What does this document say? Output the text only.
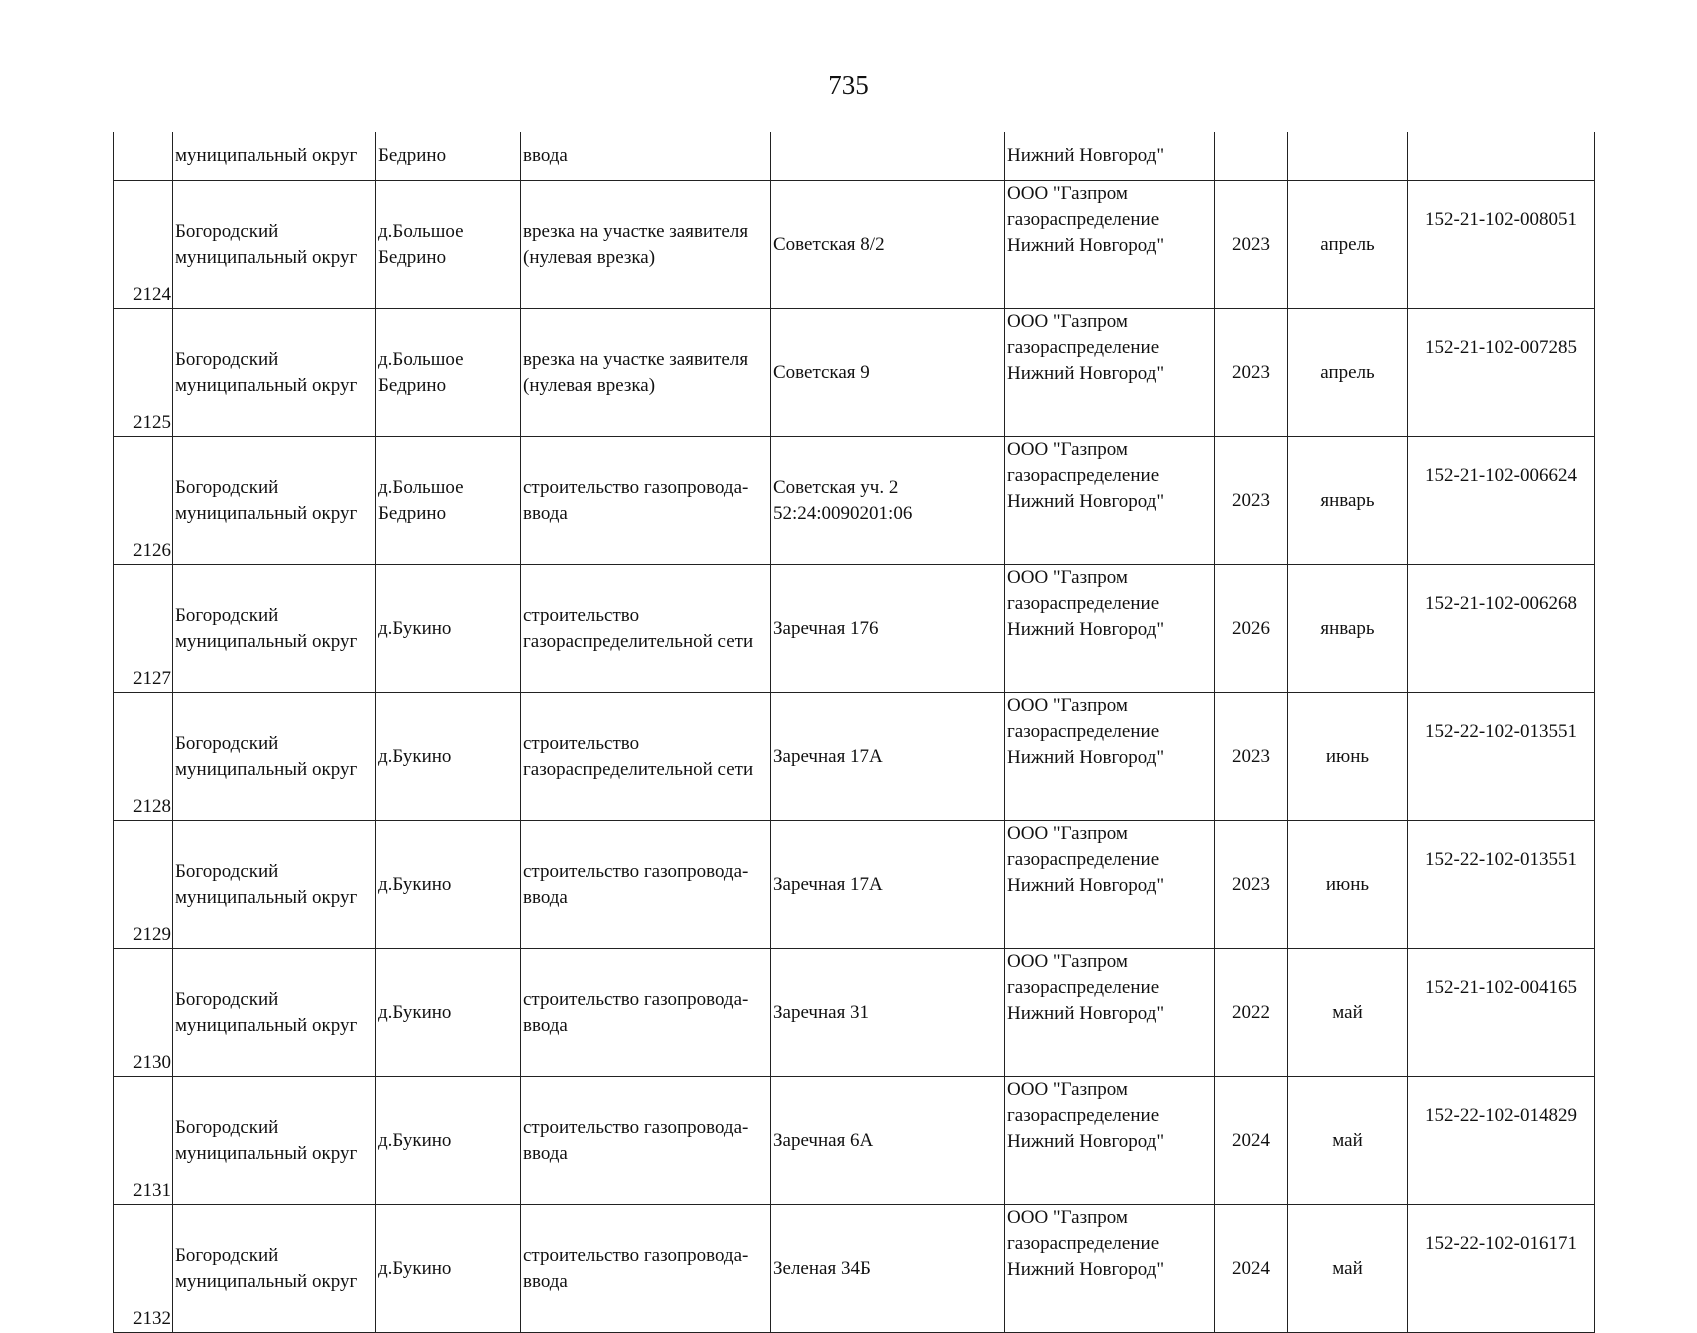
735

	муниципальный округ	Бедрино	ввода		Нижний Новгород"			

2124	Богородский
муниципальный округ	д.Большое
Бедрино	врезка на участке заявителя
(нулевая врезка)	Советская 8/2	ООО "Газпром
газораспределение
Нижний Новгород"	2023	апрель	152-21-102-008051
2125	Богородский
муниципальный округ	д.Большое
Бедрино	врезка на участке заявителя
(нулевая врезка)	Советская 9	ООО "Газпром
газораспределение
Нижний Новгород"	2023	апрель	152-21-102-007285
2126	Богородский
муниципальный округ	д.Большое
Бедрино	строительство газопровода-
ввода	Советская уч. 2
52:24:0090201:06	ООО "Газпром
газораспределение
Нижний Новгород"	2023	январь	152-21-102-006624
2127	Богородский
муниципальный округ	д.Букино	строительство
газораспределительной сети	Заречная 176	ООО "Газпром
газораспределение
Нижний Новгород"	2026	январь	152-21-102-006268
2128	Богородский
муниципальный округ	д.Букино	строительство
газораспределительной сети	Заречная 17А	ООО "Газпром
газораспределение
Нижний Новгород"	2023	июнь	152-22-102-013551
2129	Богородский
муниципальный округ	д.Букино	строительство газопровода-
ввода	Заречная 17А	ООО "Газпром
газораспределение
Нижний Новгород"	2023	июнь	152-22-102-013551
2130	Богородский
муниципальный округ	д.Букино	строительство газопровода-
ввода	Заречная 31	ООО "Газпром
газораспределение
Нижний Новгород"	2022	май	152-21-102-004165
2131	Богородский
муниципальный округ	д.Букино	строительство газопровода-
ввода	Заречная 6А	ООО "Газпром
газораспределение
Нижний Новгород"	2024	май	152-22-102-014829
2132	Богородский
муниципальный округ	д.Букино	строительство газопровода-
ввода	Зеленая 34Б	ООО "Газпром
газораспределение
Нижний Новгород"	2024	май	152-22-102-016171
